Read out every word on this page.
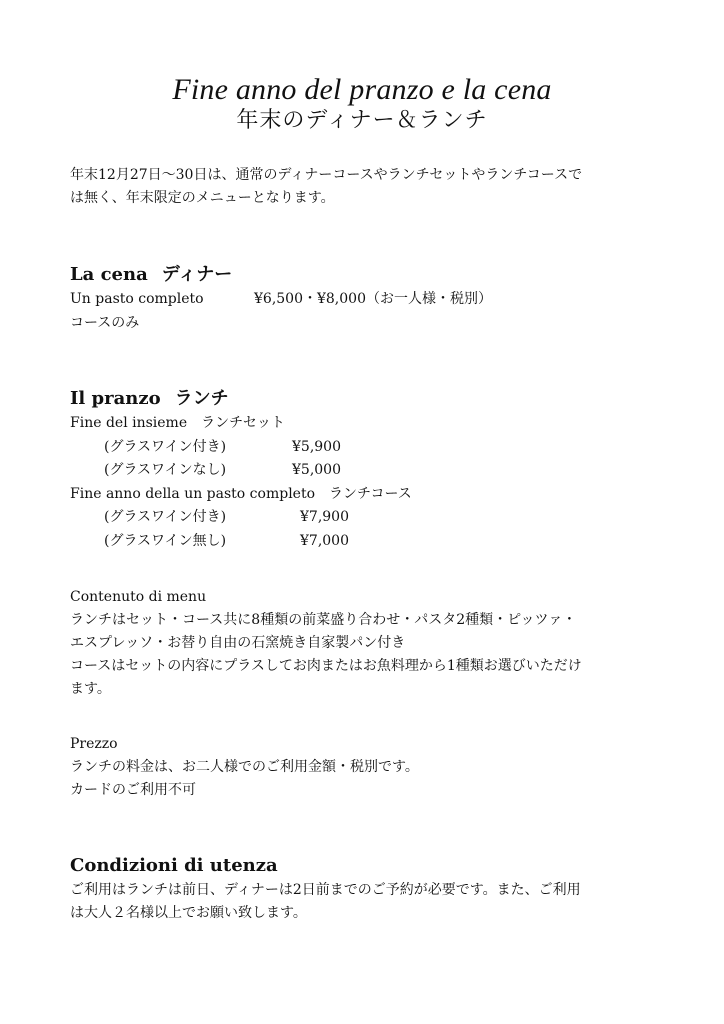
Fine anno del pranzo e la cena
年末のディナー＆ランチ
年末12月27日〜30日は、通常のディナーコースやランチセットやランチコースで
は無く、年末限定のメニューとなります。
La cena ディナー
Un pasto completo	¥6,500・¥8,000（お一人様・税別）
コースのみ
Il pranzo ランチ
Fine del insieme ランチセット
(グラスワイン付き)	¥5,900
(グラスワインなし)	¥5,000
Fine anno della un pasto completo ランチコース
(グラスワイン付き)	¥7,900
(グラスワイン無し)	¥7,000
Contenuto di menu
ランチはセット・コース共に8種類の前菜盛り合わせ・パスタ2種類・ピッツァ・
エスプレッソ・お替り自由の石窯焼き自家製パン付き
コースはセットの内容にプラスしてお肉またはお魚料理から1種類お選びいただけ
ます。
Prezzo
ランチの料金は、お二人様でのご利用金額・税別です。
カードのご利用不可
Condizioni di utenza
ご利用はランチは前日、ディナーは2日前までのご予約が必要です。また、ご利用
は大人２名様以上でお願い致します。
